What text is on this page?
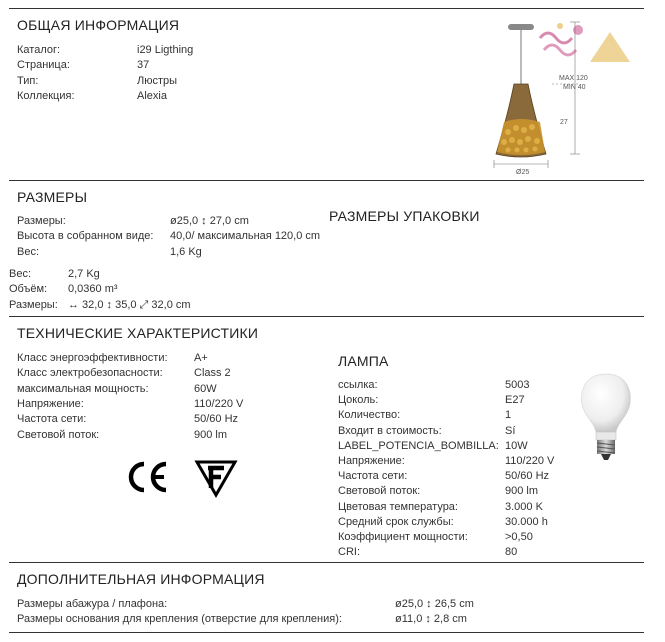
ОБЩАЯ ИНФОРМАЦИЯ
Каталог:	i29 Ligthing
Страница:	37
Тип:	Люстры
Коллекция:	Alexia
MAX 120
MIN 40
27
Ø25
РАЗМЕРЫ
Размеры:	ø25,0 ↕ 27,0 cm
Высота в собранном виде: 40,0/ максимальная 120,0 cm
Вес:	1,6 Kg
РАЗМЕРЫ УПАКОВКИ
Вес:	2,7 Kg
Объём: 0,0360 m³
Размеры: ↔ 32,0 ↕ 35,0 ⤢ 32,0 cm
ТЕХНИЧЕСКИЕ ХАРАКТЕРИСТИКИ
Класс энергоэффективности: A+
Класс электробезопасности:	Class 2
максимальная мощность:	60W
Напряжение:	110/220 V
Частота сети:	50/60 Hz
Световой поток:	900 lm
ЛАМПА
ссылка:	5003
Цоколь:	E27
Количество:	1
Входит в стоимость:	Sí
LABEL_POTENCIA_BOMBILLA: 10W
Напряжение:	110/220 V
Частота сети:	50/60 Hz
Световой поток:	900 lm
Цветовая температура:	3.000 K
Средний срок службы:	30.000 h
Коэффициент мощности:	>0,50
CRI:	80
ДОПОЛНИТЕЛЬНАЯ ИНФОРМАЦИЯ
Размеры абажура / плафона:	ø25,0 ↕ 26,5 cm
Размеры основания для крепления (отверстие для крепления):	ø11,0 ↕ 2,8 cm
